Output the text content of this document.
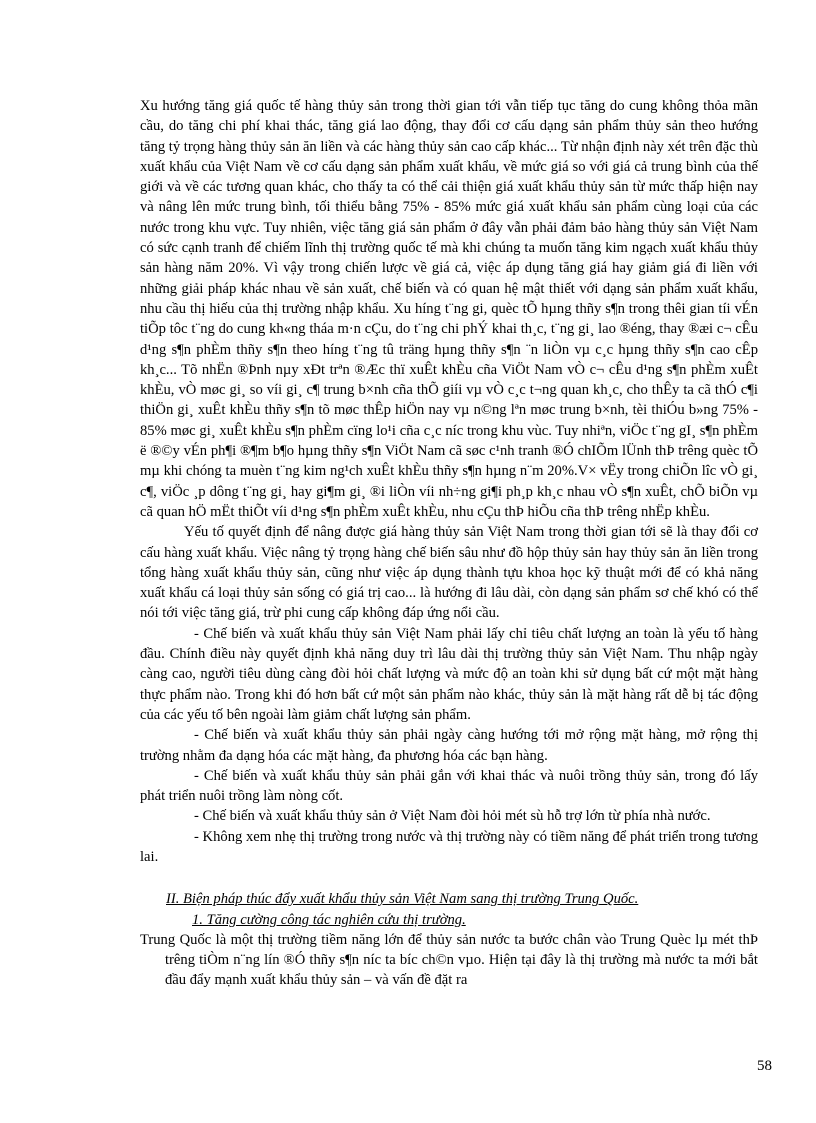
Xu hướng tăng giá quốc tế hàng thủy sản trong thời gian tới vẫn tiếp tục tăng do cung không thỏa mãn cầu, do tăng chi phí khai thác, tăng giá lao động, thay đổi cơ cấu dạng sản phẩm thủy sản theo hướng tăng tỷ trọng hàng thủy sản ăn liền và các hàng thủy sản cao cấp khác... Từ nhận định này xét trên đặc thù xuất khẩu của Việt Nam về cơ cấu dạng sản phẩm xuất khẩu, về mức giá so với giá cả trung bình của thế giới và về các tương quan khác, cho thấy ta có thể cải thiện giá xuất khẩu thủy sản từ mức thấp hiện nay và nâng lên mức trung bình, tối thiểu bằng 75% - 85% mức giá xuất khẩu sản phẩm cùng loại của các nước trong khu vực. Tuy nhiên, việc tăng giá sản phẩm ở đây vẫn phải đảm bảo hàng thủy sản Việt Nam có sức cạnh tranh để chiếm lĩnh thị trường quốc tế mà khi chúng ta muốn tăng kim ngạch xuất khẩu thủy sản hàng năm 20%. Vì vậy trong chiến lược về giá cả, việc áp dụng tăng giá hay giảm giá đi liền với những giải pháp khác nhau về sản xuất, chế biến và có quan hệ mật thiết với dạng sản phẩm xuất khẩu, nhu cầu thị hiếu của thị trường nhập khẩu. Xu híng t¨ng gi, quèc tÕ hµng thñy s¶n trong thêi gian tíi vÉn tiÕp tôc t¨ng do cung kh«ng tháa m·n cÇu, do t¨ng chi phÝ khai th¸c, t¨ng gi¸ lao ®éng, thay ®æi c¬ cÊu d¹ng s¶n phÈm thñy s¶n theo híng t¨ng tû träng hµng thñy s¶n ¨n liÒn vµ c¸c hµng thñy s¶n cao cÊp kh¸c... Tõ nhËn ®Þnh nµy xÐt trªn ®Æc thï xuÊt khÈu cña ViÖt Nam vÒ c¬ cÊu d¹ng s¶n phÈm xuÊt khÈu, vÒ møc gi¸ so víi gi¸ c¶ trung b×nh cña thÕ giíi vµ vÒ c¸c t¬ng quan kh¸c, cho thÊy ta cã thÓ c¶i thiÖn gi¸ xuÊt khÈu thñy s¶n tõ møc thÊp hiÖn nay vµ n©ng lªn møc trung b×nh, tèi thiÓu b»ng 75% - 85% møc gi¸ xuÊt khÈu s¶n phÈm cïng lo¹i cña c¸c níc trong khu vùc. Tuy nhiªn, viÖc t¨ng gI¸ s¶n phÈm ë ®©y vÉn ph¶i ®¶m b¶o hµng thñy s¶n ViÖt Nam cã søc c¹nh tranh ®Ó chIÕm lÜnh thÞ trêng quèc tÕ mµ khi chóng ta muèn t¨ng kim ng¹ch xuÊt khÈu thñy s¶n hµng n¨m 20%.V× vËy trong chiÕn lîc vÒ gi¸ c¶, viÖc ¸p dông t¨ng gi¸ hay gi¶m gi¸ ®i liÒn víi nh÷ng gi¶i ph¸p kh¸c nhau vÒ s¶n xuÊt, chÕ biÕn vµ cã quan hÖ mËt thiÕt víi d¹ng s¶n phÈm xuÊt khÈu, nhu cÇu thÞ hiÕu cña thÞ trêng nhËp khÈu.

Yếu tố quyết định để nâng được giá hàng thủy sản Việt Nam trong thời gian tới sẽ là thay đổi cơ cấu hàng xuất khẩu. Việc nâng tỷ trọng hàng chế biến sâu như đồ hộp thủy sản hay thủy sản ăn liền trong tổng hàng xuất khẩu thủy sản, cũng như việc áp dụng thành tựu khoa học kỹ thuật mới để có khả năng xuất khẩu cá loại thủy sản sống có giá trị cao... là hướng đi lâu dài, còn dạng sản phẩm sơ chế khó có thể nói tới việc tăng giá, trừ phi cung cấp không đáp ứng nổi cầu.

- Chế biến và xuất khẩu thủy sản Việt Nam phải lấy chỉ tiêu chất lượng an toàn là yếu tố hàng đầu. Chính điều này quyết định khả năng duy trì lâu dài thị trường thủy sản Việt Nam. Thu nhập ngày càng cao, người tiêu dùng càng đòi hỏi chất lượng và mức độ an toàn khi sử dụng bất cứ một mặt hàng thực phẩm nào. Trong khi đó hơn bất cứ một sản phẩm nào khác, thủy sản là mặt hàng rất dễ bị tác động của các yếu tố bên ngoài làm giảm chất lượng sản phẩm.

- Chế biến và xuất khẩu thủy sản phải ngày càng hướng tới mở rộng mặt hàng, mở rộng thị trường nhằm đa dạng hóa các mặt hàng, đa phương hóa các bạn hàng.

- Chế biến và xuất khẩu thủy sản phải gắn với khai thác và nuôi trồng thủy sản, trong đó lấy phát triển nuôi trồng làm nòng cốt.

- Chế biến và xuất khẩu thủy sản ở Việt Nam đòi hỏi mét sù hỗ trợ lớn từ phía nhà nước.

- Không xem nhẹ thị trường trong nước và thị trường này có tiềm năng để phát triển trong tương lai.

II. Biện pháp thúc đẩy xuất khẩu thủy sản Việt Nam sang thị trường Trung Quốc.

1. Tăng cường công tác nghiên cứu thị trường.

Trung Quốc là một thị trường tiềm năng lớn để thủy sản nước ta bước chân vào Trung Quèc lµ mét thÞ trêng tiÒm n¨ng lín ®Ó thñy s¶n níc ta bíc ch©n vµo. Hiện tại đây là thị trường mà nước ta mới bắt đầu đẩy mạnh xuất khẩu thủy sản – và vấn đề đặt ra

58
